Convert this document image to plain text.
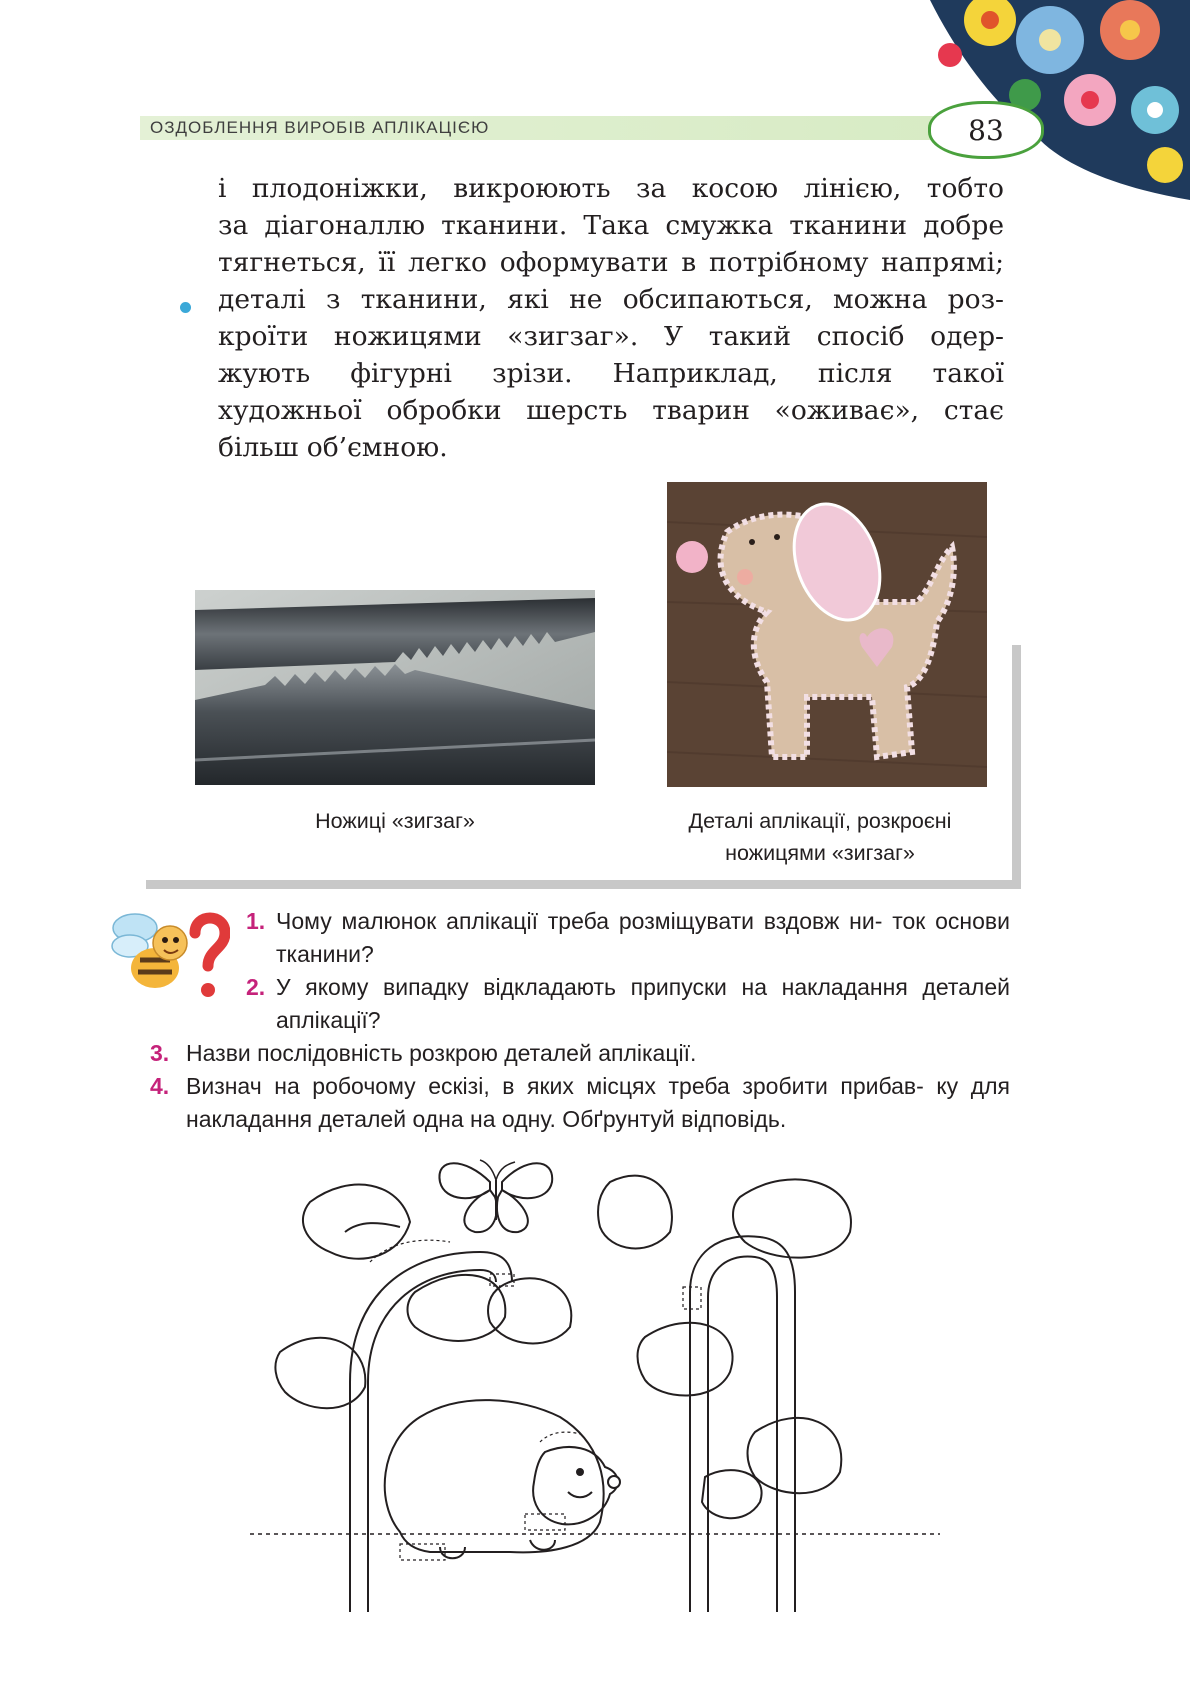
ОЗДОБЛЕННЯ ВИРОБІВ АПЛІКАЦІЄЮ	83
і плодоніжки, викроюють за косою лінією, тобто
за діагоналлю тканини. Така смужка тканини добре
тягнеться, її легко оформувати в потрібному напрямі;
деталі з тканини, які не обсипаються, можна роз-
кроїти ножицями «зигзаг». У такий спосіб одер-
жують фігурні зрізи. Наприклад, після такої
художньої обробки шерсть тварин «оживає», стає
більш об’ємною.
Ножиці «зигзаг»	Деталі аплікації, розкроєні
ножицями «зигзаг»
1. Чому малюнок аплікації треба розміщувати вздовж ни- ток основи тканини?
2. У якому випадку відкладають припуски на накладання деталей аплікації?
3. Назви послідовність розкрою деталей аплікації.
4. Визнач на робочому ескізі, в яких місцях треба зробити прибав- ку для накладання деталей одна на одну. Обґрунтуй відповідь.
